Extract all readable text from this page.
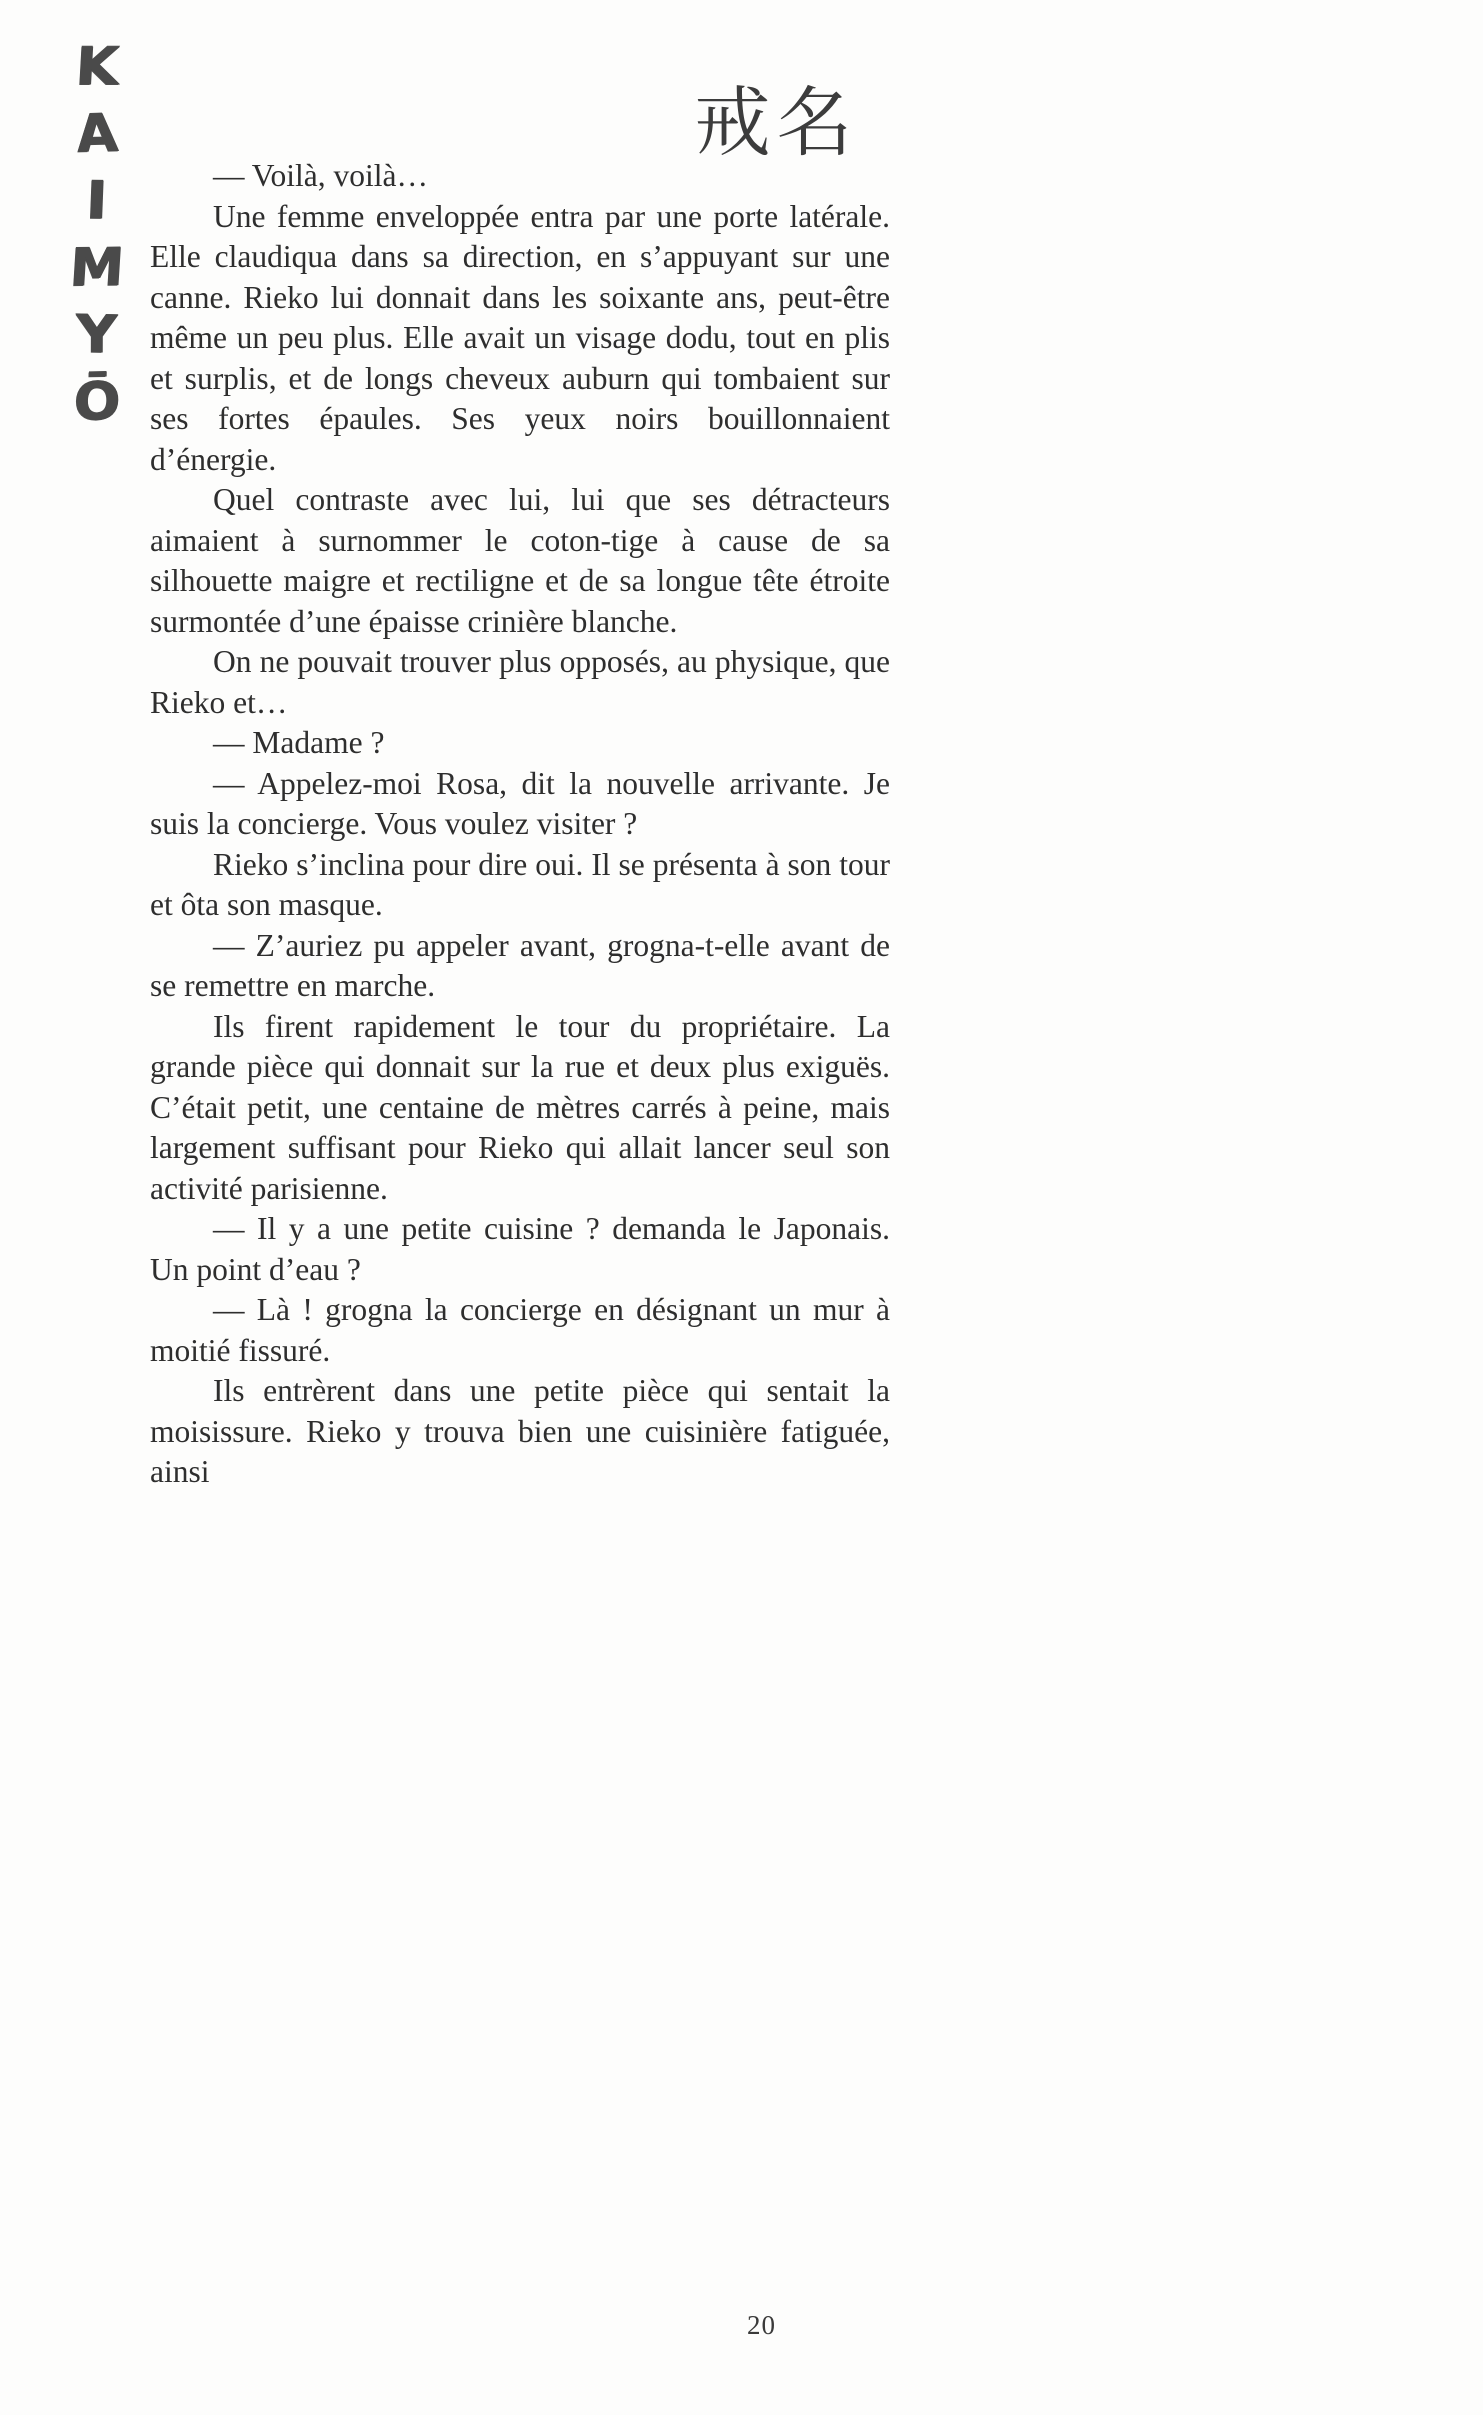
K
A
I
M
Y
Ō
戒名

— Voilà, voilà…

Une femme enveloppée entra par une porte latérale. Elle claudiqua dans sa direction, en s’appuyant sur une canne. Rieko lui donnait dans les soixante ans, peut-être même un peu plus. Elle avait un visage dodu, tout en plis et surplis, et de longs cheveux auburn qui tombaient sur ses fortes épaules. Ses yeux noirs bouillonnaient d’énergie.

Quel contraste avec lui, lui que ses détracteurs aimaient à surnommer le coton-tige à cause de sa silhouette maigre et rectiligne et de sa longue tête étroite surmontée d’une épaisse crinière blanche.

On ne pouvait trouver plus opposés, au physique, que Rieko et…

— Madame ?

— Appelez-moi Rosa, dit la nouvelle arrivante. Je suis la concierge. Vous voulez visiter ?

Rieko s’inclina pour dire oui. Il se présenta à son tour et ôta son masque.

— Z’auriez pu appeler avant, grogna-t-elle avant de se remettre en marche.

Ils firent rapidement le tour du propriétaire. La grande pièce qui donnait sur la rue et deux plus exiguës. C’était petit, une centaine de mètres carrés à peine, mais largement suffisant pour Rieko qui allait lancer seul son activité parisienne.

— Il y a une petite cuisine ? demanda le Japonais. Un point d’eau ?

— Là ! grogna la concierge en désignant un mur à moitié fissuré.

Ils entrèrent dans une petite pièce qui sentait la moisissure. Rieko y trouva bien une cuisinière fatiguée, ainsi

20
